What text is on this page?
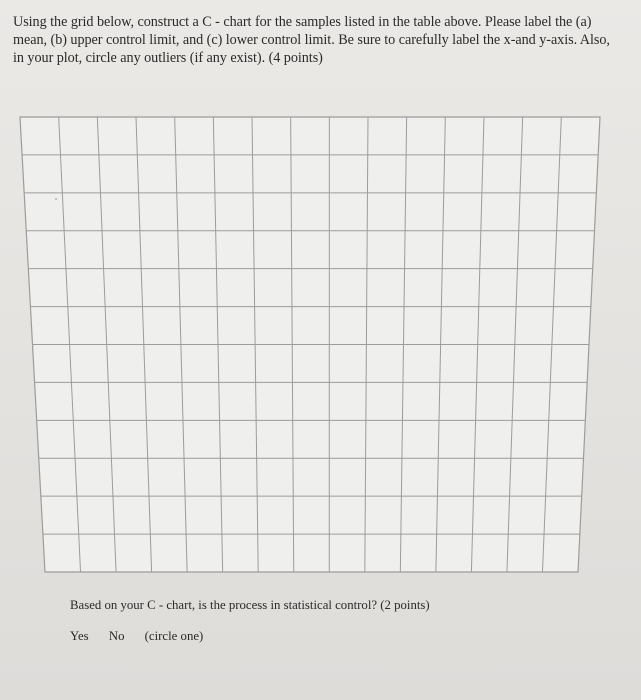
Using the grid below, construct a C - chart for the samples listed in the table above. Please label the (a) mean, (b) upper control limit, and (c) lower control limit. Be sure to carefully label the x-and y-axis. Also, in your plot, circle any outliers (if any exist). (4 points)

ᵃ

Based on your C - chart, is the process in statistical control? (2 points)

Yes No (circle one)
